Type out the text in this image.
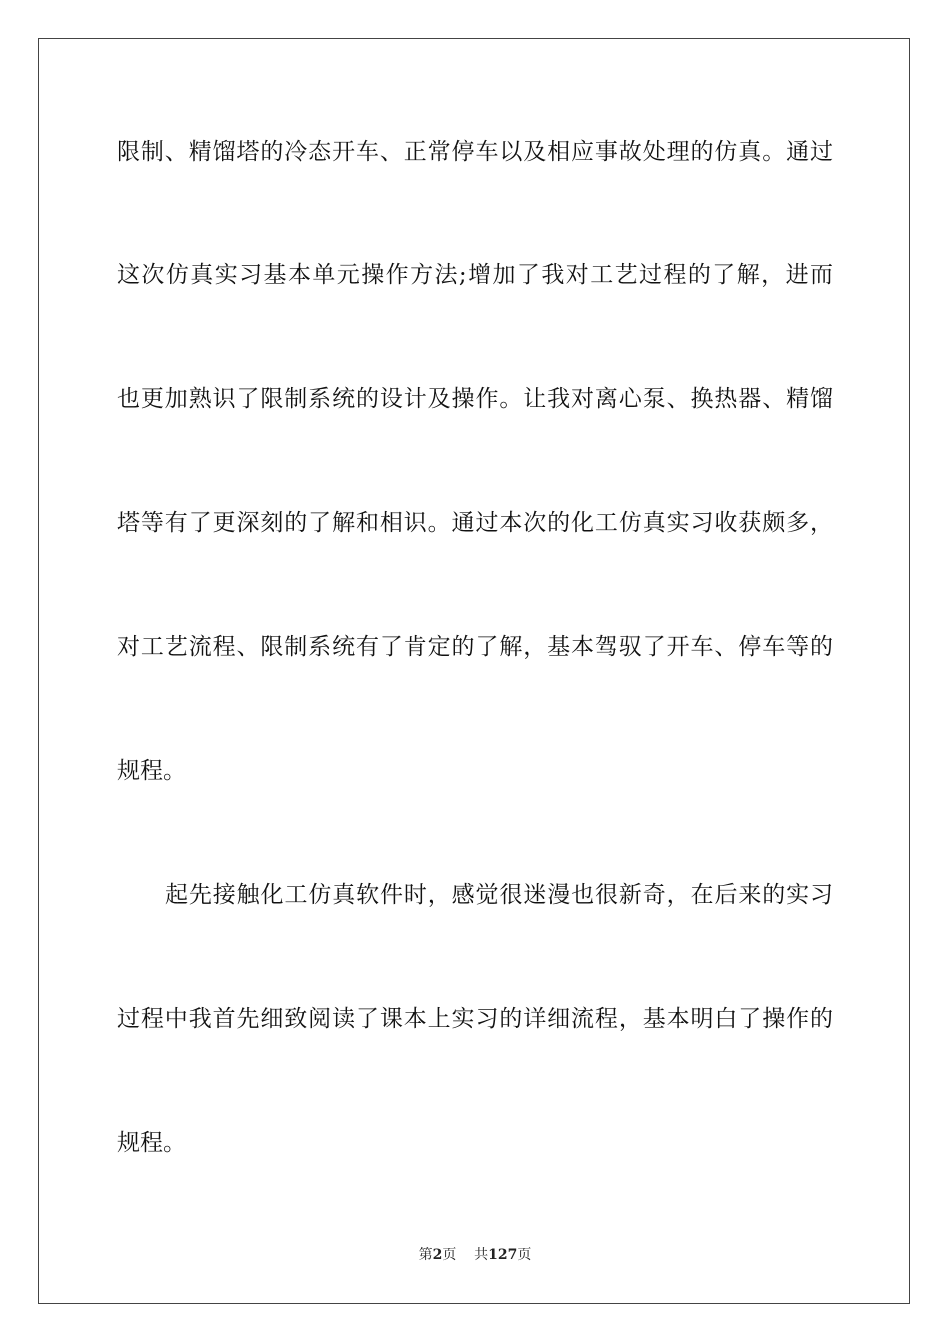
限制、精馏塔的冷态开车、正常停车以及相应事故处理的仿真。通过
这次仿真实习基本单元操作方法;增加了我对工艺过程的了解，进而
也更加熟识了限制系统的设计及操作。让我对离心泵、换热器、精馏
塔等有了更深刻的了解和相识。通过本次的化工仿真实习收获颇多，
对工艺流程、限制系统有了肯定的了解，基本驾驭了开车、停车等的
规程。
起先接触化工仿真软件时，感觉很迷漫也很新奇，在后来的实习
过程中我首先细致阅读了课本上实习的详细流程，基本明白了操作的
规程。
第2页 共127页
